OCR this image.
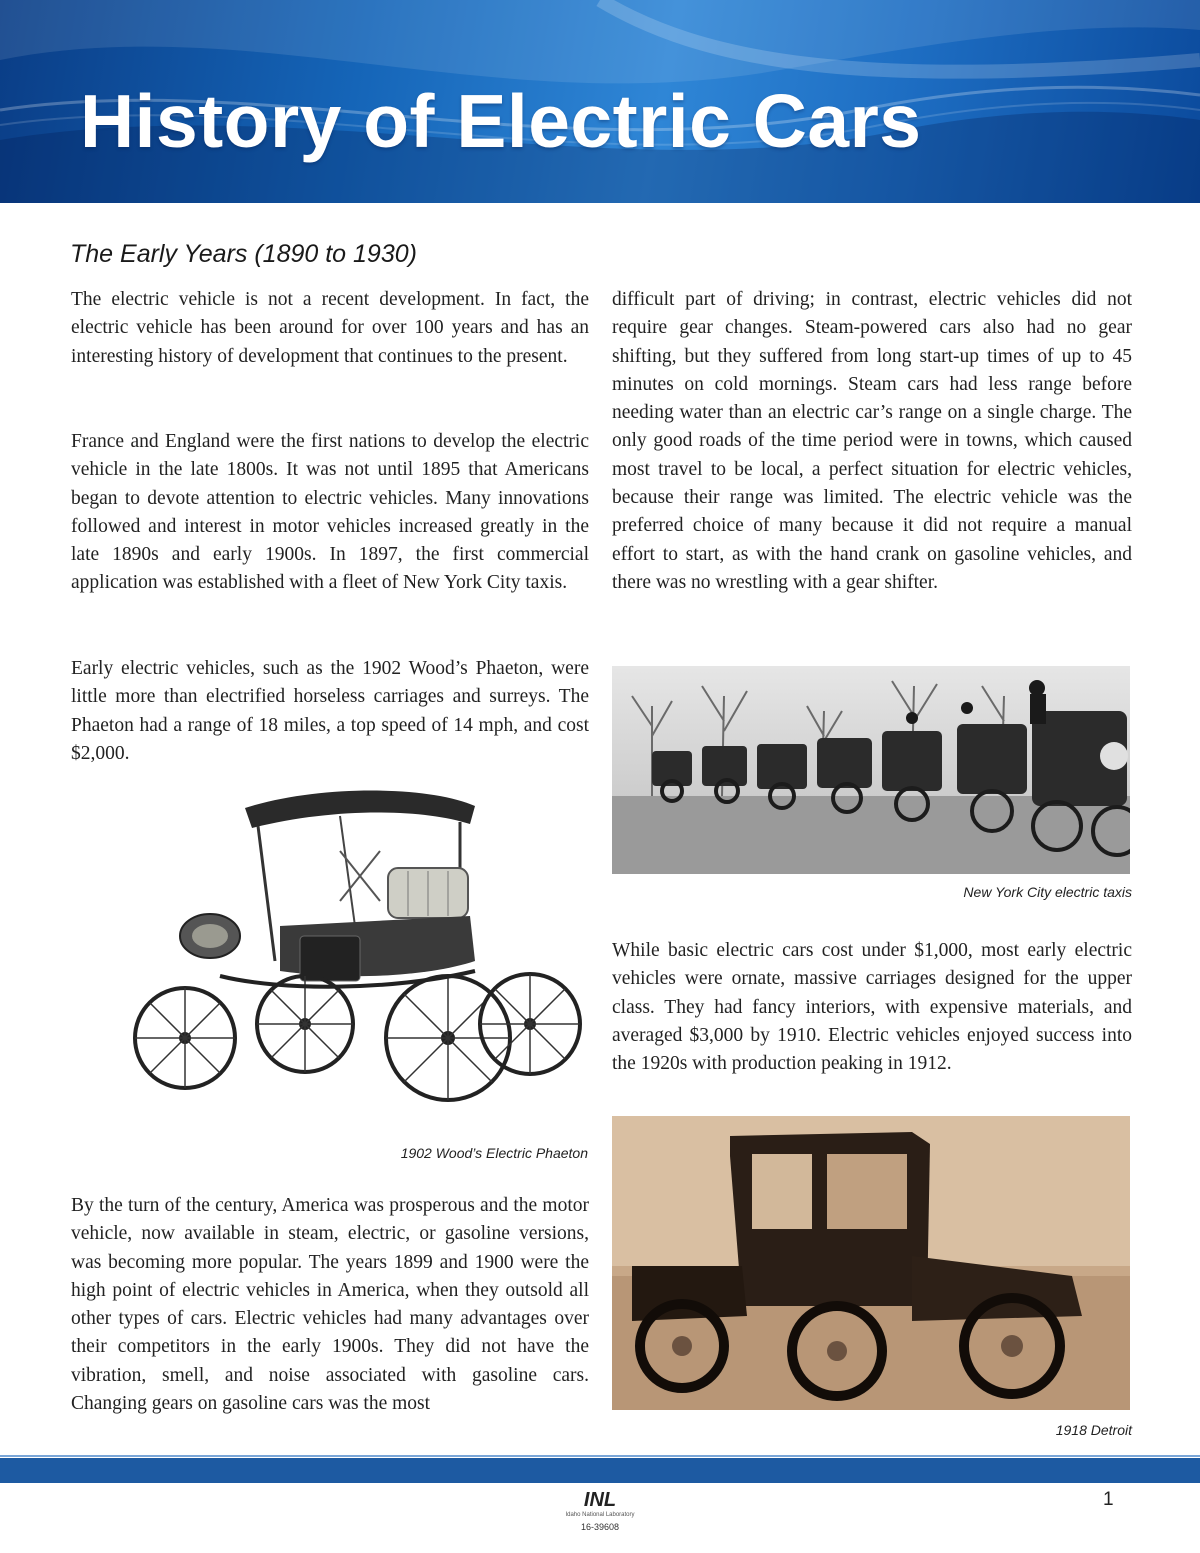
History of Electric Cars
The Early Years (1890 to 1930)

The electric vehicle is not a recent development. In fact, the electric vehicle has been around for over 100 years and has an interesting history of development that continues to the present.

France and England were the first nations to develop the electric vehicle in the late 1800s. It was not until 1895 that Americans began to devote attention to electric vehicles. Many innovations followed and interest in motor vehicles increased greatly in the late 1890s and early 1900s. In 1897, the first commercial application was established with a fleet of New York City taxis.

Early electric vehicles, such as the 1902 Wood’s Phaeton, were little more than electrified horseless carriages and surreys. The Phaeton had a range of 18 miles, a top speed of 14 mph, and cost $2,000.

1902 Wood’s Electric Phaeton

By the turn of the century, America was prosperous and the motor vehicle, now available in steam, electric, or gasoline versions, was becoming more popular. The years 1899 and 1900 were the high point of electric vehicles in America, when they outsold all other types of cars. Electric vehicles had many advantages over their competitors in the early 1900s. They did not have the vibration, smell, and noise associated with gasoline cars. Changing gears on gasoline cars was the most

difficult part of driving; in contrast, electric vehicles did not require gear changes. Steam-powered cars also had no gear shifting, but they suffered from long start-up times of up to 45 minutes on cold mornings. Steam cars had less range before needing water than an electric car’s range on a single charge. The only good roads of the time period were in towns, which caused most travel to be local, a perfect situation for electric vehicles, because their range was limited. The electric vehicle was the preferred choice of many because it did not require a manual effort to start, as with the hand crank on gasoline vehicles, and there was no wrestling with a gear shifter.

New York City electric taxis

While basic electric cars cost under $1,000, most early electric vehicles were ornate, massive carriages designed for the upper class. They had fancy interiors, with expensive materials, and averaged $3,000 by 1910. Electric vehicles enjoyed success into the 1920s with production peaking in 1912.

1918 Detroit

INL
Idaho National Laboratory
16-39608
1
